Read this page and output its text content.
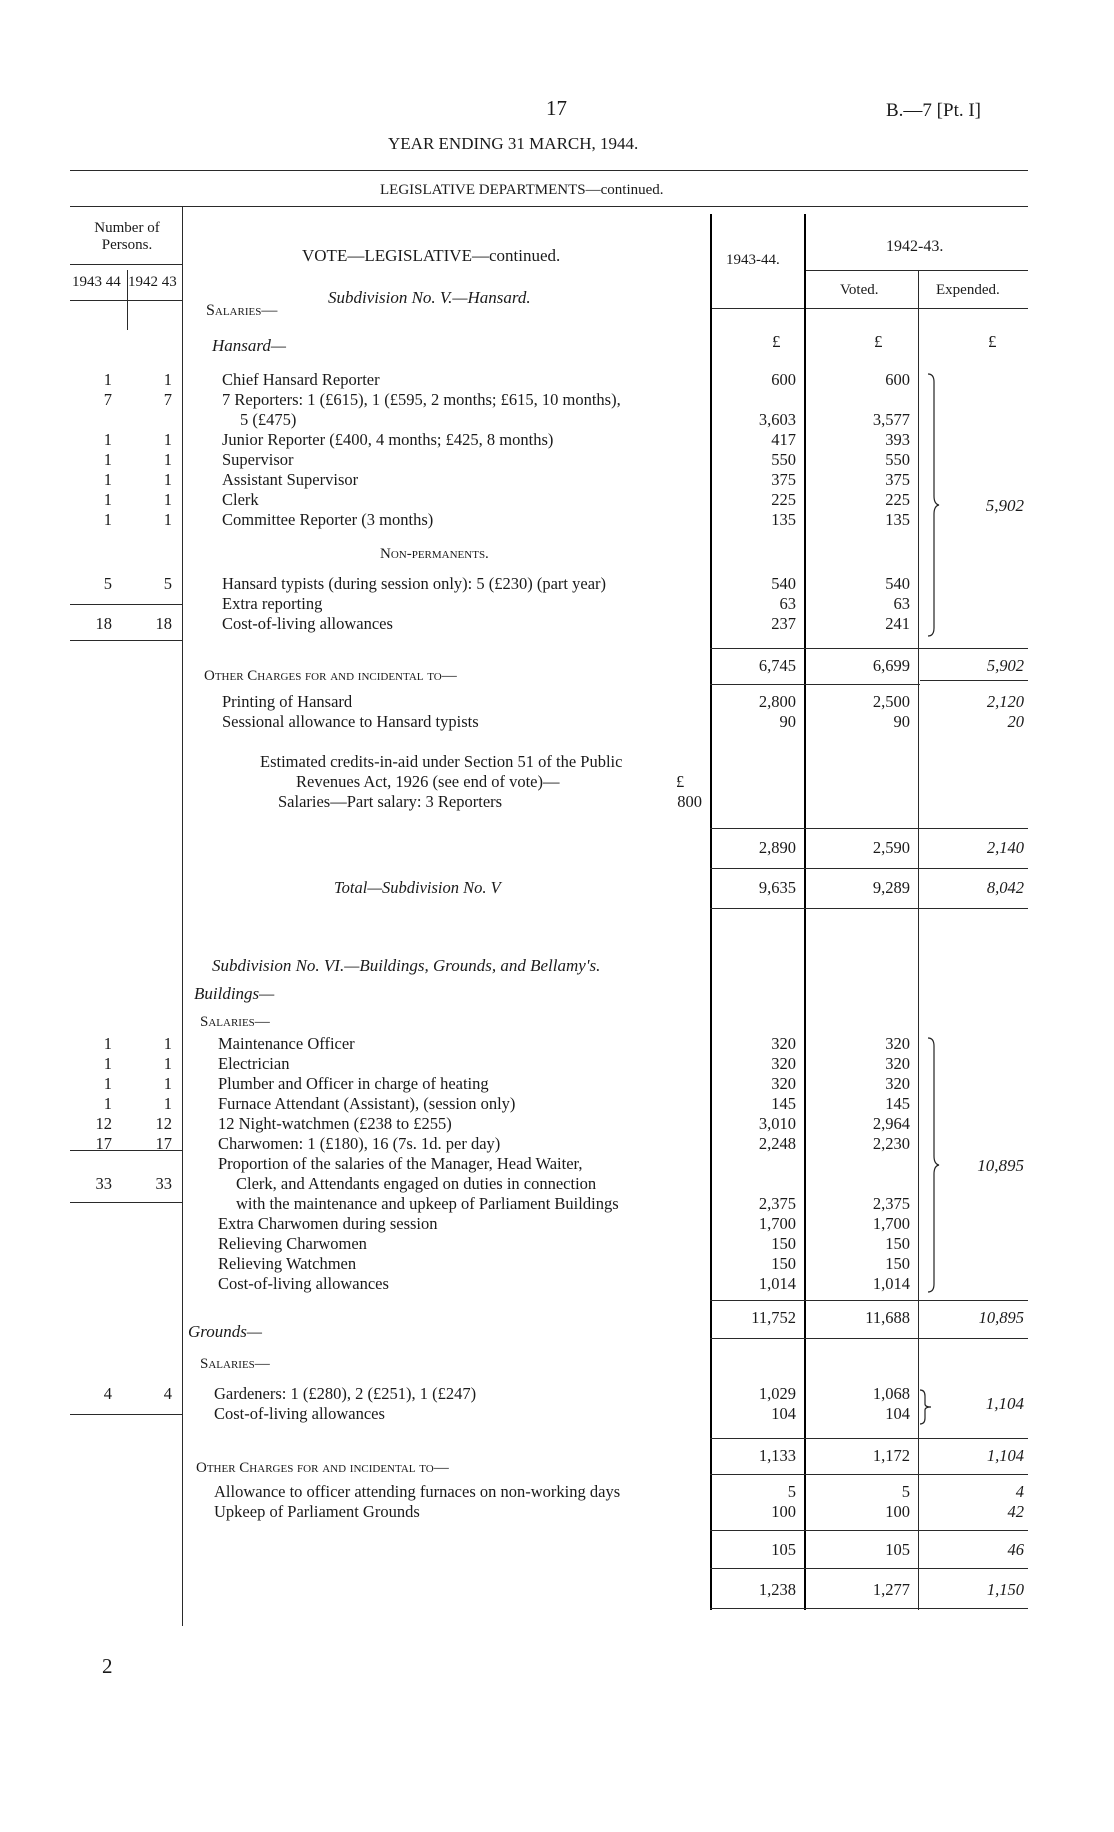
17
YEAR ENDING 31 MARCH, 1944.
B.—7 [Pt. I]
LEGISLATIVE DEPARTMENTS—continued.
Number of Persons.
1943 44 1942 43
VOTE—LEGISLATIVE—continued.	1943-44.
1942-43.
Voted.	Expended.
Subdivision No. V.—Hansard.
Salaries—
Hansard—	£	£	£
1	1	Chief Hansard Reporter	600	600
7	7	7 Reporters: 1 (£615), 1 (£595, 2 months; £615, 10 months),
5 (£475)	3,603	3,577
1	1	Junior Reporter (£400, 4 months; £425, 8 months)	417	393
1	1	Supervisor	550	550
1	1	Assistant Supervisor	375	375
1	1	Clerk	225	225
1	1	Committee Reporter (3 months)	135	135
Non-permanents.
5	5	Hansard typists (during session only): 5 (£230) (part year)	540	540
Extra reporting	63	63
18	18	Cost-of-living allowances	237	241
5,902
6,745	6,699	5,902
Other Charges for and incidental to—
Printing of Hansard	2,800	2,500	2,120
Sessional allowance to Hansard typists	90	90	20
Estimated credits-in-aid under Section 51 of the Public
Revenues Act, 1926 (see end of vote)—	£
Salaries—Part salary: 3 Reporters	800
2,890	2,590	2,140
Total—Subdivision No. V	9,635	9,289	8,042
Subdivision No. VI.—Buildings, Grounds, and Bellamy's.
Buildings—
Salaries—
1	1	Maintenance Officer	320	320
1	1	Electrician	320	320
1	1	Plumber and Officer in charge of heating	320	320
1	1	Furnace Attendant (Assistant), (session only)	145	145
12	12	12 Night-watchmen (£238 to £255)	3,010	2,964
17	17	Charwomen: 1 (£180), 16 (7s. 1d. per day)	2,248	2,230
Proportion of the salaries of the Manager, Head Waiter,
33	33	Clerk, and Attendants engaged on duties in connection
with the maintenance and upkeep of Parliament Buildings	2,375	2,375
Extra Charwomen during session	1,700	1,700
Relieving Charwomen	150	150
Relieving Watchmen	150	150
Cost-of-living allowances	1,014	1,014
10,895
11,752	11,688	10,895
Grounds—
Salaries—
4	4	Gardeners: 1 (£280), 2 (£251), 1 (£247)	1,029	1,068
Cost-of-living allowances	104	104
1,104
1,133	1,172	1,104
Other Charges for and incidental to—
Allowance to officer attending furnaces on non-working days	5	5	4
Upkeep of Parliament Grounds	100	100	42
105	105	46
1,238	1,277	1,150
2
